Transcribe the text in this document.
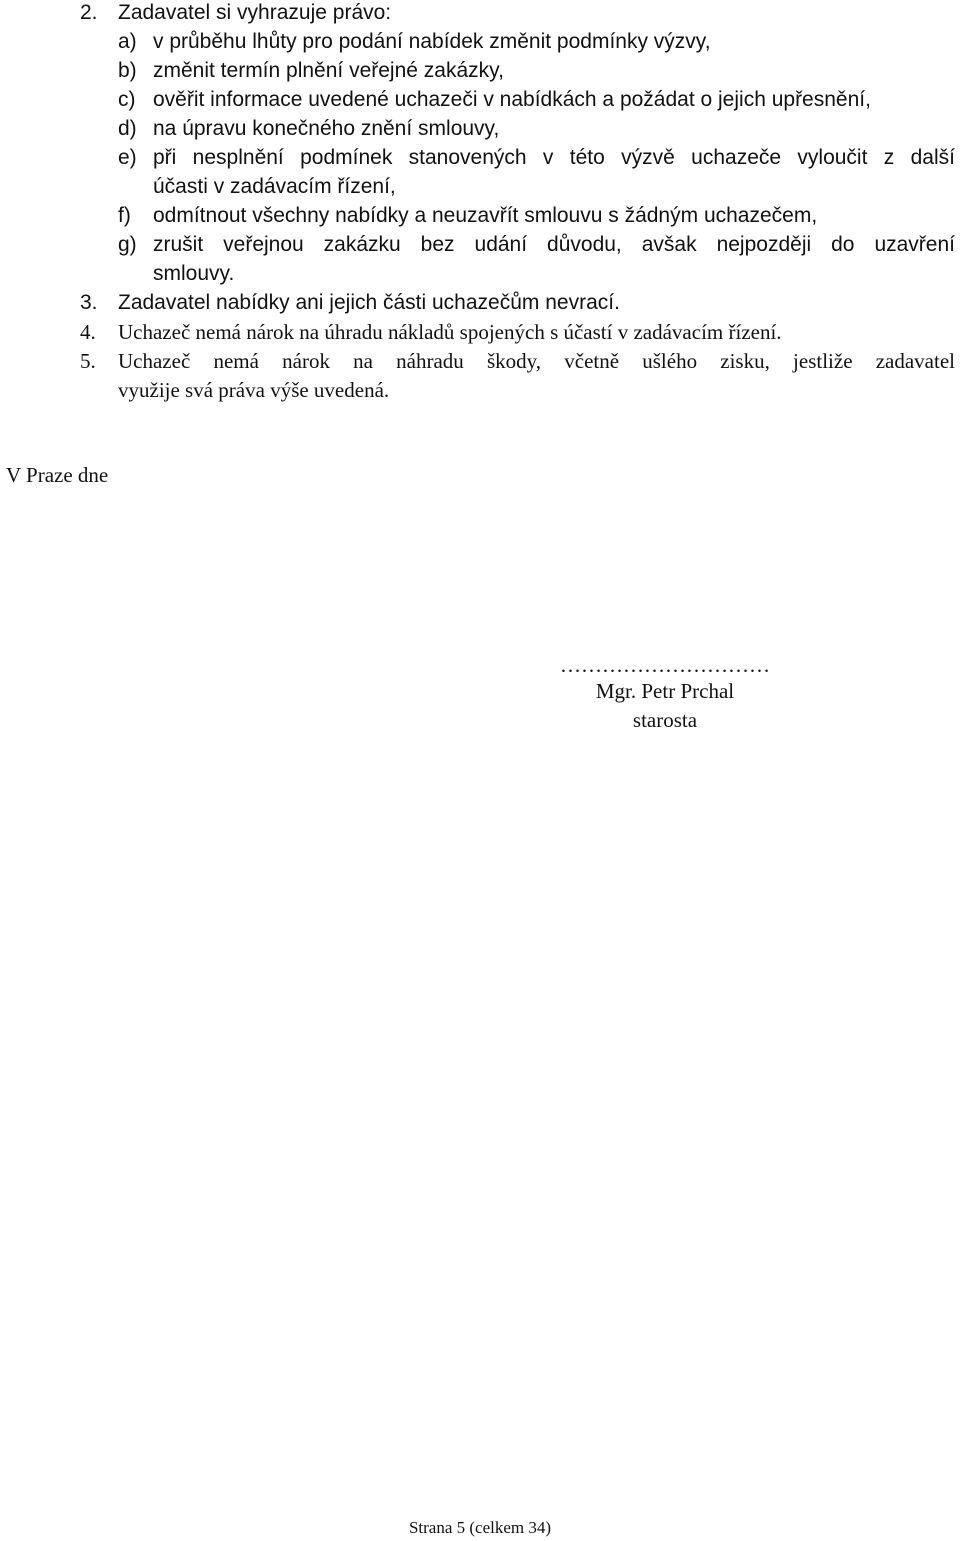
2. Zadavatel si vyhrazuje právo:
a) v průběhu lhůty pro podání nabídek změnit podmínky výzvy,
b) změnit termín plnění veřejné zakázky,
c) ověřit informace uvedené uchazeči v nabídkách a požádat o jejich upřesnění,
d) na úpravu konečného znění smlouvy,
e) při nesplnění podmínek stanovených v této výzvě uchazeče vyloučit z další
účasti v zadávacím řízení,
f) odmítnout všechny nabídky a neuzavřít smlouvu s žádným uchazečem,
g) zrušit veřejnou zakázku bez udání důvodu, avšak nejpozději do uzavření
smlouvy.
3. Zadavatel nabídky ani jejich části uchazečům nevrací.
4. Uchazeč nemá nárok na úhradu nákladů spojených s účastí v zadávacím řízení.
5. Uchazeč nemá nárok na náhradu škody, včetně ušlého zisku, jestliže zadavatel
využije svá práva výše uvedená.
V Praze dne
…………………………
Mgr. Petr Prchal
starosta
Strana 5 (celkem 34)
